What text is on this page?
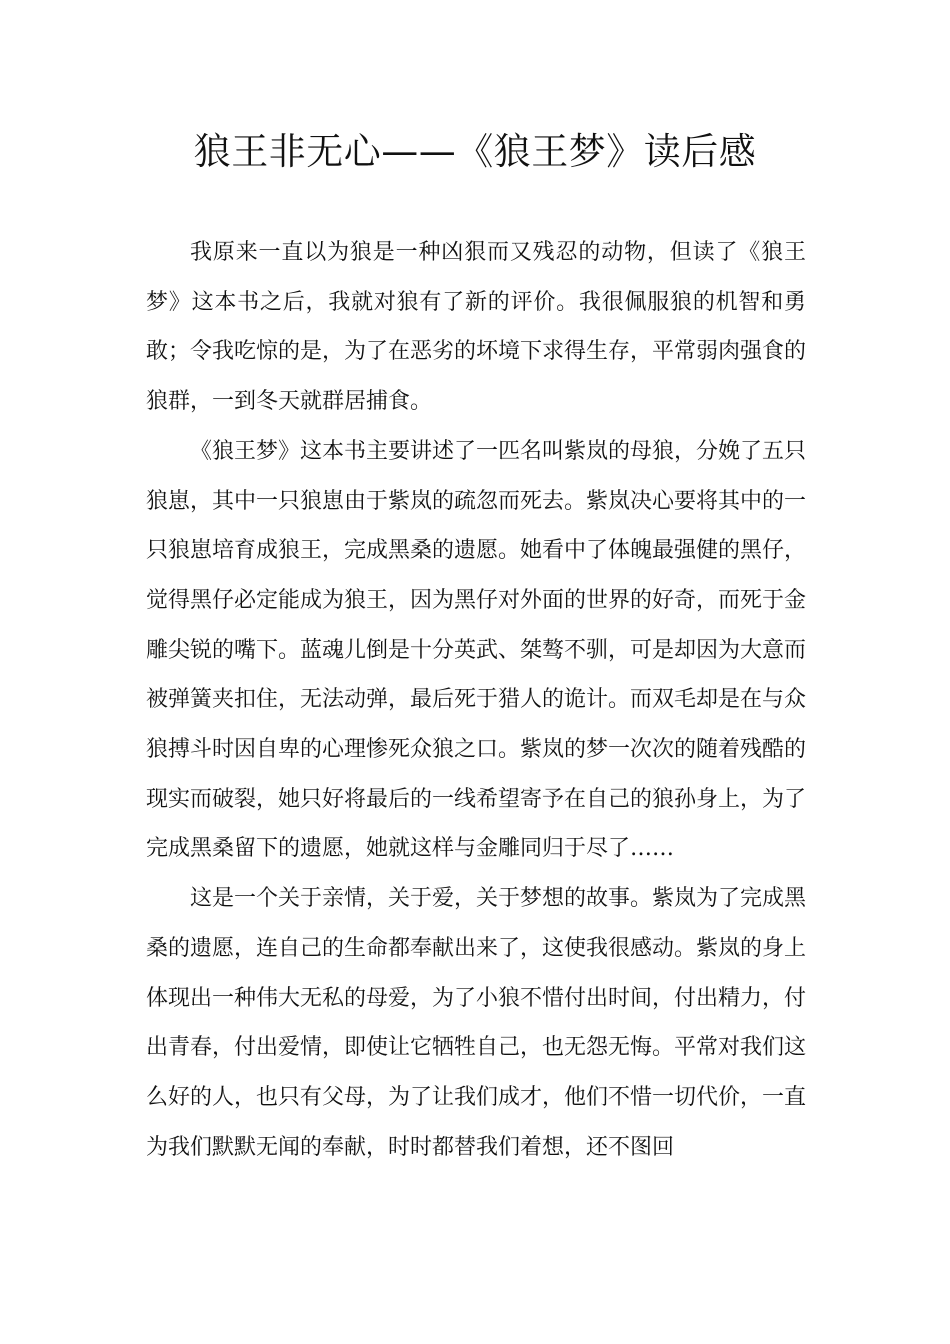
狼王非无心——《狼王梦》读后感

我原来一直以为狼是一种凶狠而又残忍的动物，但读了《狼王梦》这本书之后，我就对狼有了新的评价。我很佩服狼的机智和勇敢；令我吃惊的是，为了在恶劣的坏境下求得生存，平常弱肉强食的狼群，一到冬天就群居捕食。

《狼王梦》这本书主要讲述了一匹名叫紫岚的母狼，分娩了五只狼崽，其中一只狼崽由于紫岚的疏忽而死去。紫岚决心要将其中的一只狼崽培育成狼王，完成黑桑的遗愿。她看中了体魄最强健的黑仔，觉得黑仔必定能成为狼王，因为黑仔对外面的世界的好奇，而死于金雕尖锐的嘴下。蓝魂儿倒是十分英武、桀骜不驯，可是却因为大意而被弹簧夹扣住，无法动弹，最后死于猎人的诡计。而双毛却是在与众狼搏斗时因自卑的心理惨死众狼之口。紫岚的梦一次次的随着残酷的现实而破裂，她只好将最后的一线希望寄予在自己的狼孙身上，为了完成黑桑留下的遗愿，她就这样与金雕同归于尽了……

这是一个关于亲情，关于爱，关于梦想的故事。紫岚为了完成黑桑的遗愿，连自己的生命都奉献出来了，这使我很感动。紫岚的身上体现出一种伟大无私的母爱，为了小狼不惜付出时间，付出精力，付出青春，付出爱情，即使让它牺牲自己，也无怨无悔。平常对我们这么好的人，也只有父母，为了让我们成才，他们不惜一切代价，一直为我们默默无闻的奉献，时时都替我们着想，还不图回
